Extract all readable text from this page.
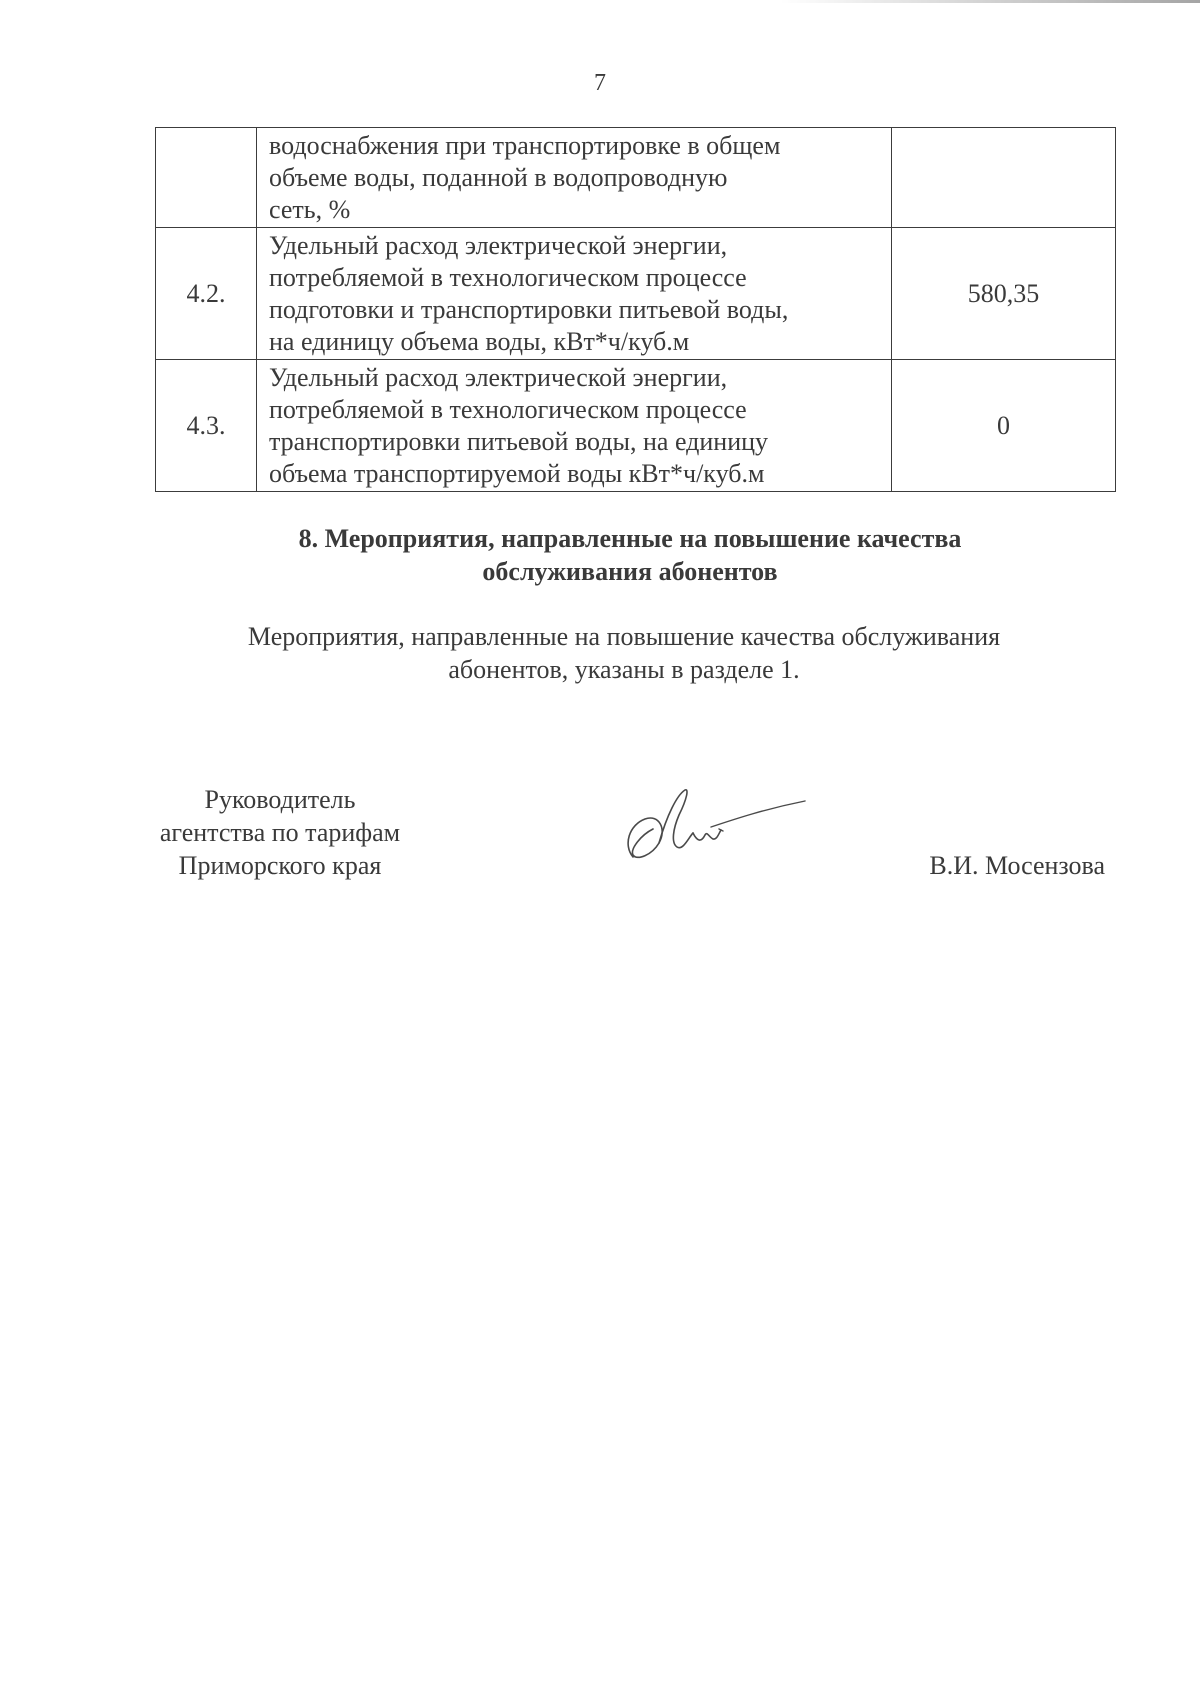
7

	водоснабжения при транспортировке в общем
объеме воды, поданной в водопроводную
сеть, %	

4.2.	Удельный расход электрической энергии,
потребляемой в технологическом процессе
подготовки и транспортировки питьевой воды,
на единицу объема воды, кВт*ч/куб.м	580,35
4.3.	Удельный расход электрической энергии,
потребляемой в технологическом процессе
транспортировки питьевой воды, на единицу
объема транспортируемой воды кВт*ч/куб.м	0
8. Мероприятия, направленные на повышение качества
обслуживания абонентов
Мероприятия, направленные на повышение качества обслуживания
абонентов, указаны в разделе 1.
Руководитель
агентства по тарифам
Приморского края	В.И. Мосензова
